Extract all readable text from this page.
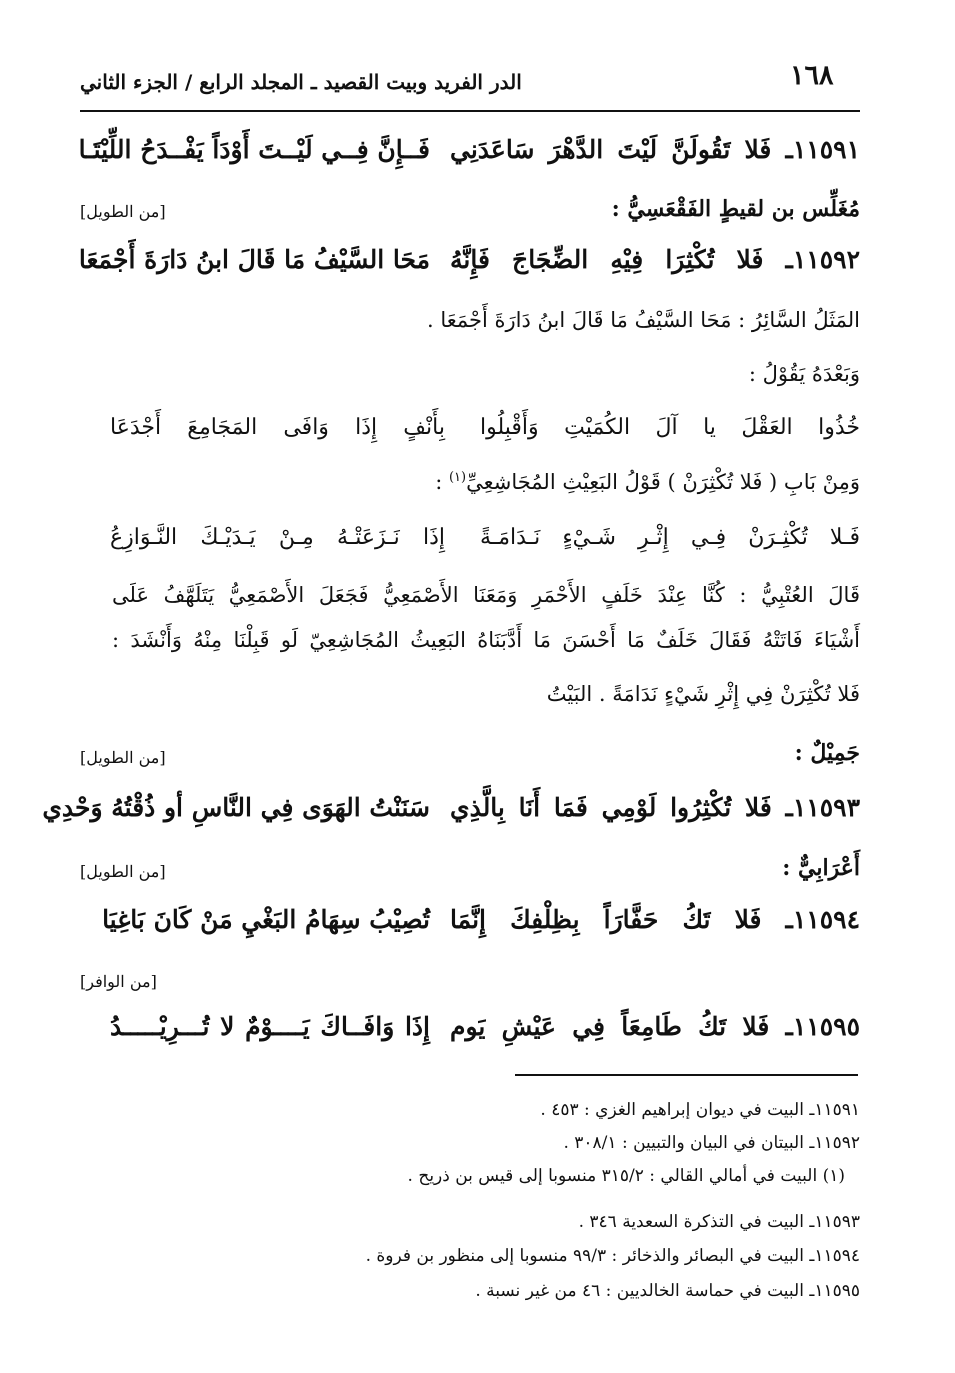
الدر الفريد وبيت القصيد ـ المجلد الرابع / الجزء الثاني	١٦٨
١١٥٩١ـ فَلا تَقُولَنَّ لَيْتَ الدَّهْرَ سَاعَدَنِي
فَــإِنَّ فِــي لَيْــتَ أَوْدَاً يَفْــدَحُ اللِّيْتَـا
مُغَلِّس بن لقيطٍ الفَقْعَسِيُّ :
[من الطويل]
١١٥٩٢ـ فَلا تُكْثِرَا فِيْهِ الضِّجَاجَ فَإِنَّهُ
مَحَا السَّيْفُ مَا قَالَ ابنُ دَارَةَ أَجْمَعَا
المَثَلُ السَّائِرُ : مَحَا السَّيْفُ مَا قَالَ ابنُ دَارَةَ أَجْمَعَا .
وَبَعْدَهُ يَقُوْلُ :
خُذُوا العَقْلَ يا آلَ الكُمَيْتِ وَأَقْبِلُوا
بِأَنْفٍ إِذَا وَافَى المَجَامِعَ أَجْدَعَا
وَمِنْ بَابِ ( فَلا تُكْثِرَنْ ) قَوْلُ البَعِيْثِ المُجَاشِعِيِّ$^{(١)}$ :
فَـلا تُكْثِـرَنْ فِـي إِثْـرِ شَـيْءٍ نَـدَامَـةً
إِذَا نَـزَعَتْـهُ مِـنْ يَـدَيْـكَ النَّـوَازِعُ
قَالَ العُتْبِيُّ : كُنَّا عِنْدَ خَلَفٍ الأَحْمَرِ وَمَعَنَا الأَصْمَعِيُّ فَجَعَلَ الأَصْمَعِيُّ يَتَلَهَّفُ عَلَى
أَشْيَاءَ فَاتَتْهُ فَقَالَ خَلَفٌ مَا أَحْسَنَ مَا أَدَّبَنَاهُ البَعِيثُ المُجَاشِعِيّ لَو قَبِلْنَا مِنْهُ وَأَنْشَدَ :
فَلا تُكْثِرَنْ فِي إِثْرِ شَيْءٍ نَدَامَةً . البَيْتُ
جَمِيْلٌ :
[من الطويل]
١١٥٩٣ـ فَلا تُكْثِرُوا لَوْمِي فَمَا أَنَا بِالَّذِي
سَنَنْتُ الهَوَى فِي النَّاسِ أو ذُقْتُهُ وَحْدِي
أَعْرَابِيٌّ :
[من الطويل]
١١٥٩٤ـ فَلا تَكُ حَفَّارَاً بِظِلْفِكَ إِنَّمَا
تُصِيْبُ سِهَامُ البَغْيِ مَنْ كَانَ بَاغِيَا
[من الوافر]
١١٥٩٥ـ فَلا تَكُ طَامِعَاً فِي عَيْشِ يَوم
إِذَا وَافَــاكَ يَــــوْمٌ لا تُـــرِيْـــــدُ
١١٥٩١ـ البيت في ديوان إبراهيم الغزي : ٤٥٣ .
١١٥٩٢ـ البيتان في البيان والتبيين : ٣٠٨/١ .
(١) البيت في أمالي القالي : ٣١٥/٢ منسوبا إلى قيس بن ذريح .
١١٥٩٣ـ البيت في التذكرة السعدية ٣٤٦ .
١١٥٩٤ـ البيت في البصائر والذخائر : ٩٩/٣ منسوبا إلى منظور بن فروة .
١١٥٩٥ـ البيت في حماسة الخالديين : ٤٦ من غير نسبة .
